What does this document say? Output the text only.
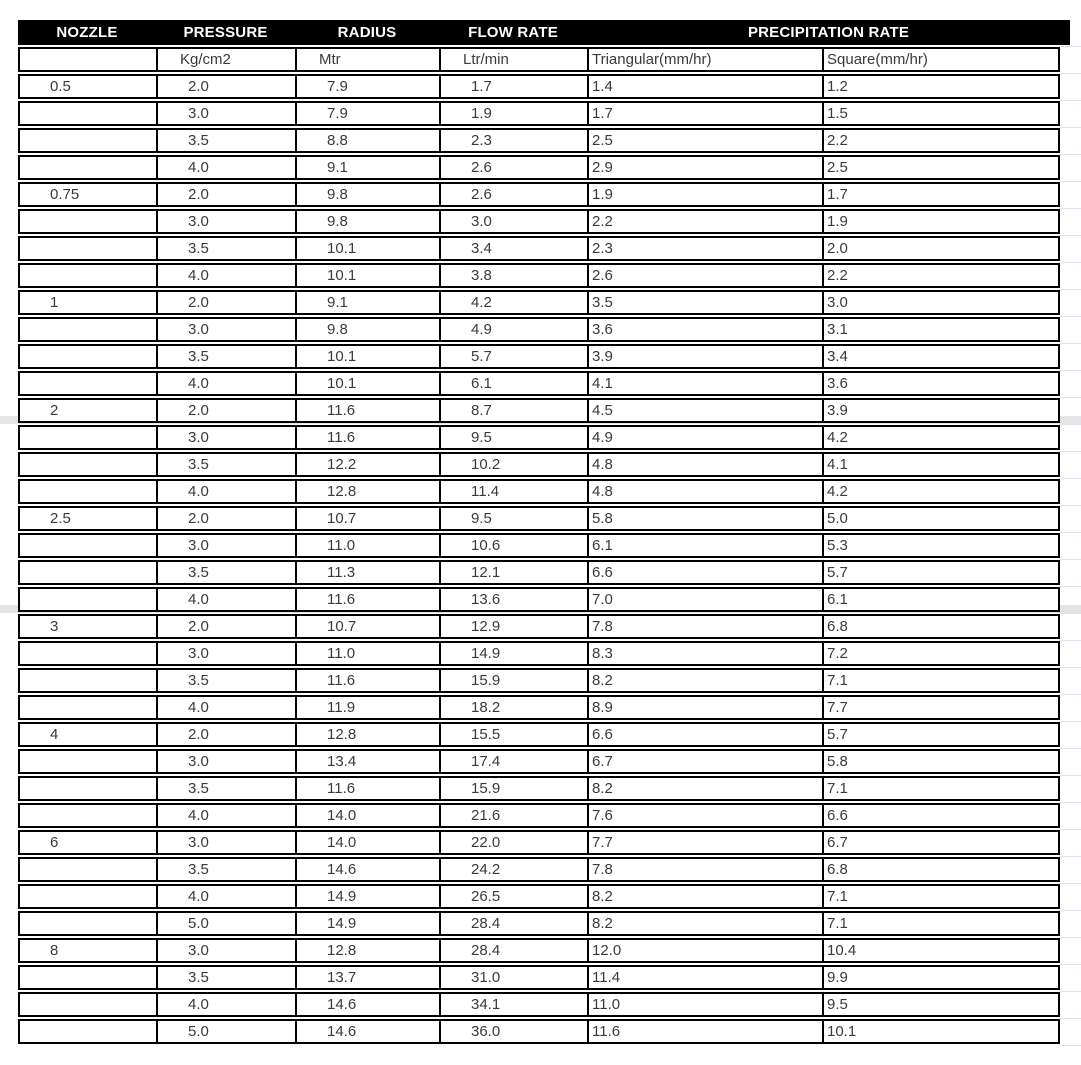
NOZZLE	PRESSURE	RADIUS	FLOW RATE	PRECIPITATION RATE
	Kg/cm2	Mtr	Ltr/min	Triangular(mm/hr)	Square(mm/hr)
0.5	2.0	7.9	1.7	1.4	1.2
	3.0	7.9	1.9	1.7	1.5
	3.5	8.8	2.3	2.5	2.2
	4.0	9.1	2.6	2.9	2.5
0.75	2.0	9.8	2.6	1.9	1.7
	3.0	9.8	3.0	2.2	1.9
	3.5	10.1	3.4	2.3	2.0
	4.0	10.1	3.8	2.6	2.2
1	2.0	9.1	4.2	3.5	3.0
	3.0	9.8	4.9	3.6	3.1
	3.5	10.1	5.7	3.9	3.4
	4.0	10.1	6.1	4.1	3.6
2	2.0	11.6	8.7	4.5	3.9
	3.0	11.6	9.5	4.9	4.2
	3.5	12.2	10.2	4.8	4.1
	4.0	12.8	11.4	4.8	4.2
2.5	2.0	10.7	9.5	5.8	5.0
	3.0	11.0	10.6	6.1	5.3
	3.5	11.3	12.1	6.6	5.7
	4.0	11.6	13.6	7.0	6.1
3	2.0	10.7	12.9	7.8	6.8
	3.0	11.0	14.9	8.3	7.2
	3.5	11.6	15.9	8.2	7.1
	4.0	11.9	18.2	8.9	7.7
4	2.0	12.8	15.5	6.6	5.7
	3.0	13.4	17.4	6.7	5.8
	3.5	11.6	15.9	8.2	7.1
	4.0	14.0	21.6	7.6	6.6
6	3.0	14.0	22.0	7.7	6.7
	3.5	14.6	24.2	7.8	6.8
	4.0	14.9	26.5	8.2	7.1
	5.0	14.9	28.4	8.2	7.1
8	3.0	12.8	28.4	12.0	10.4
	3.5	13.7	31.0	11.4	9.9
	4.0	14.6	34.1	11.0	9.5
	5.0	14.6	36.0	11.6	10.1
